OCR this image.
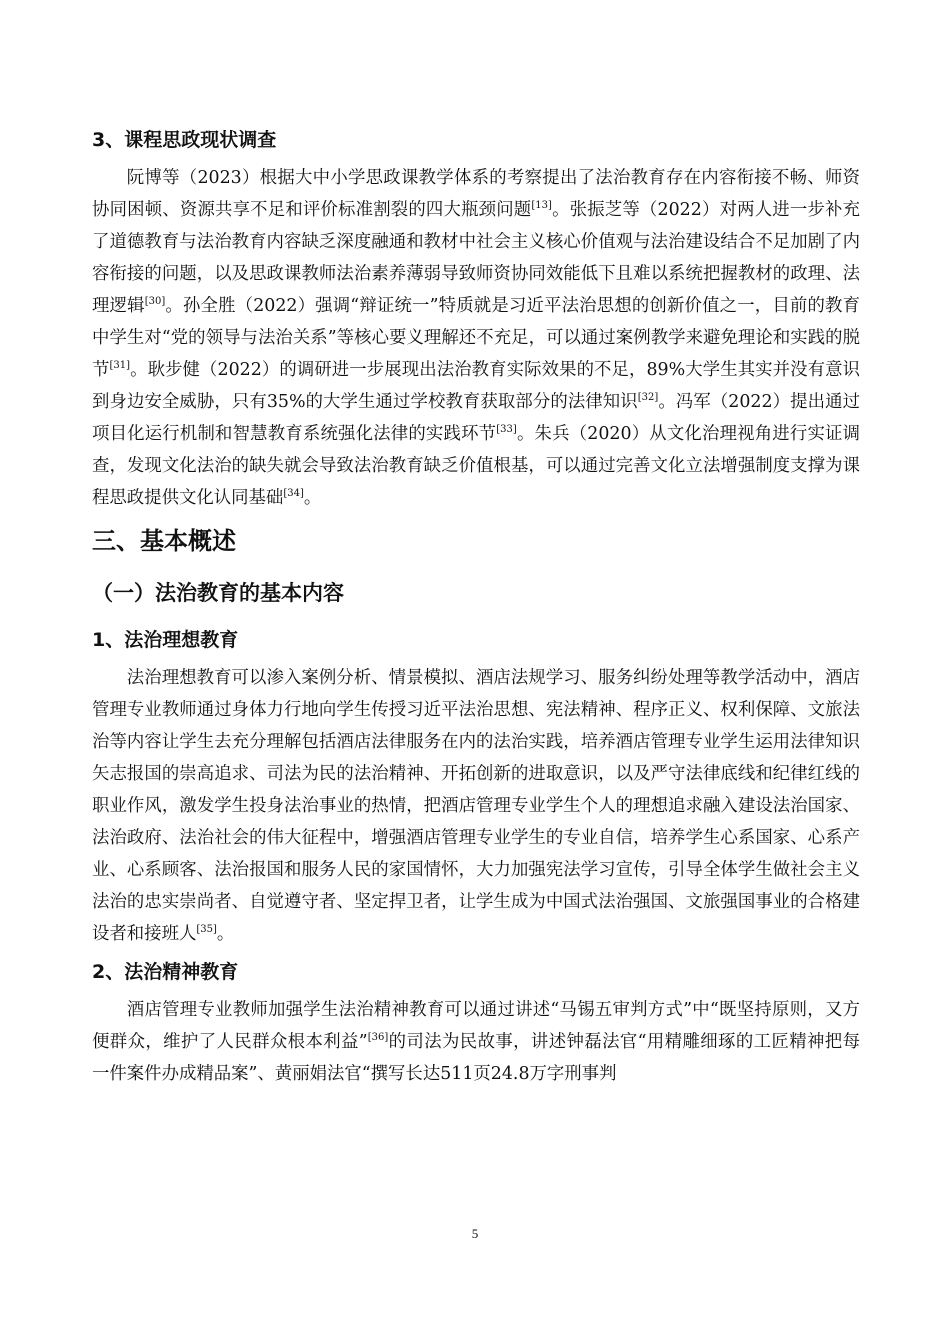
3、课程思政现状调查

阮博等（2023）根据大中小学思政课教学体系的考察提出了法治教育存在内容衔接不畅、师资协同困顿、资源共享不足和评价标准割裂的四大瓶颈问题[13]。张振芝等（2022）对两人进一步补充了道德教育与法治教育内容缺乏深度融通和教材中社会主义核心价值观与法治建设结合不足加剧了内容衔接的问题，以及思政课教师法治素养薄弱导致师资协同效能低下且难以系统把握教材的政理、法理逻辑[30]。孙全胜（2022）强调“辩证统一”特质就是习近平法治思想的创新价值之一，目前的教育中学生对“党的领导与法治关系”等核心要义理解还不充足，可以通过案例教学来避免理论和实践的脱节[31]。耿步健（2022）的调研进一步展现出法治教育实际效果的不足，89%大学生其实并没有意识到身边安全威胁，只有35%的大学生通过学校教育获取部分的法律知识[32]。冯军（2022）提出通过项目化运行机制和智慧教育系统强化法律的实践环节[33]。朱兵（2020）从文化治理视角进行实证调查，发现文化法治的缺失就会导致法治教育缺乏价值根基，可以通过完善文化立法增强制度支撑为课程思政提供文化认同基础[34]。

三、基本概述
（一）法治教育的基本内容
1、法治理想教育

法治理想教育可以渗入案例分析、情景模拟、酒店法规学习、服务纠纷处理等教学活动中，酒店管理专业教师通过身体力行地向学生传授习近平法治思想、宪法精神、程序正义、权利保障、文旅法治等内容让学生去充分理解包括酒店法律服务在内的法治实践，培养酒店管理专业学生运用法律知识矢志报国的崇高追求、司法为民的法治精神、开拓创新的进取意识，以及严守法律底线和纪律红线的职业作风，激发学生投身法治事业的热情，把酒店管理专业学生个人的理想追求融入建设法治国家、法治政府、法治社会的伟大征程中，增强酒店管理专业学生的专业自信，培养学生心系国家、心系产业、心系顾客、法治报国和服务人民的家国情怀，大力加强宪法学习宣传，引导全体学生做社会主义法治的忠实崇尚者、自觉遵守者、坚定捍卫者，让学生成为中国式法治强国、文旅强国事业的合格建设者和接班人[35]。

2、法治精神教育

酒店管理专业教师加强学生法治精神教育可以通过讲述“马锡五审判方式”中“既坚持原则，又方便群众，维护了人民群众根本利益”[36]的司法为民故事，讲述钟磊法官“用精雕细琢的工匠精神把每一件案件办成精品案”、黄丽娟法官“撰写长达511页24.8万字刑事判

5
